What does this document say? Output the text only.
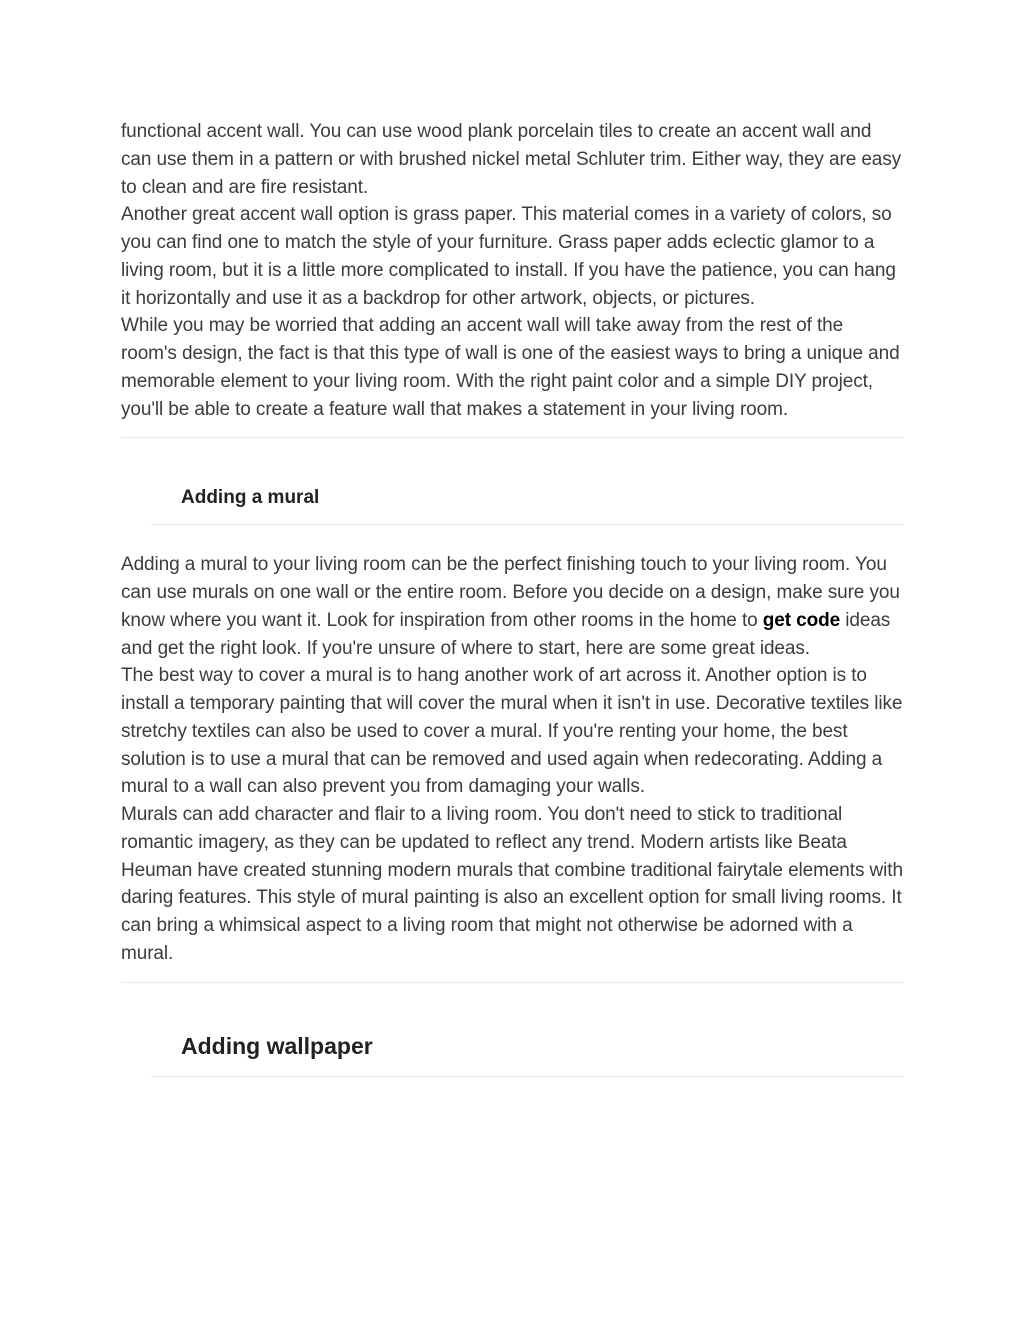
functional accent wall. You can use wood plank porcelain tiles to create an accent wall and can use them in a pattern or with brushed nickel metal Schluter trim. Either way, they are easy to clean and are fire resistant.

Another great accent wall option is grass paper. This material comes in a variety of colors, so you can find one to match the style of your furniture. Grass paper adds eclectic glamor to a living room, but it is a little more complicated to install. If you have the patience, you can hang it horizontally and use it as a backdrop for other artwork, objects, or pictures.

While you may be worried that adding an accent wall will take away from the rest of the room's design, the fact is that this type of wall is one of the easiest ways to bring a unique and memorable element to your living room. With the right paint color and a simple DIY project, you'll be able to create a feature wall that makes a statement in your living room.

Adding a mural

Adding a mural to your living room can be the perfect finishing touch to your living room. You can use murals on one wall or the entire room. Before you decide on a design, make sure you know where you want it. Look for inspiration from other rooms in the home to get code ideas and get the right look. If you're unsure of where to start, here are some great ideas.

The best way to cover a mural is to hang another work of art across it. Another option is to install a temporary painting that will cover the mural when it isn't in use. Decorative textiles like stretchy textiles can also be used to cover a mural. If you're renting your home, the best solution is to use a mural that can be removed and used again when redecorating. Adding a mural to a wall can also prevent you from damaging your walls.

Murals can add character and flair to a living room. You don't need to stick to traditional romantic imagery, as they can be updated to reflect any trend. Modern artists like Beata Heuman have created stunning modern murals that combine traditional fairytale elements with daring features. This style of mural painting is also an excellent option for small living rooms. It can bring a whimsical aspect to a living room that might not otherwise be adorned with a mural.

Adding wallpaper
